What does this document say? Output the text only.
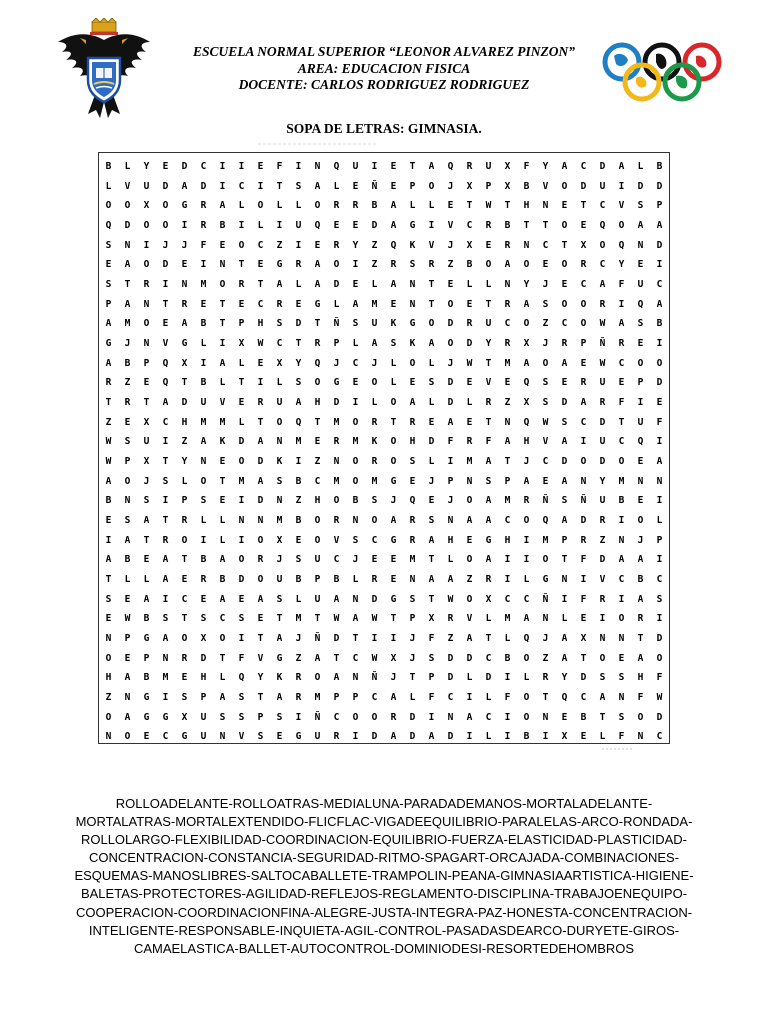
ESCUELA NORMAL SUPERIOR “LEONOR ALVAREZ PINZON”
AREA: EDUCACION FISICA
DOCENTE: CARLOS RODRIGUEZ RODRIGUEZ
SOPA DE LETRAS: GIMNASIA.
B	L	Y	E	D	C	I	I	E	F	I	N	Q	U	I	E	T	A	Q	R	U	X	F	Y	A	C	D	A	L	B
L	V	U	D	A	D	I	C	I	T	S	A	L	E	Ñ	E	P	O	J	X	P	X	B	V	O	D	U	I	D	D
O	O	X	O	G	R	A	L	O	L	L	O	R	R	B	A	L	L	E	T	W	T	H	N	E	T	C	V	S	P
Q	D	O	O	I	R	B	I	L	I	U	Q	E	E	D	A	G	I	V	C	R	B	T	T	O	E	Q	O	A	A
S	N	I	J	J	F	E	O	C	Z	I	E	R	Y	Z	Q	K	V	J	X	E	R	N	C	T	X	O	Q	N	D
E	A	O	D	E	I	N	T	E	G	R	A	O	I	Z	R	S	R	Z	B	O	A	O	E	O	R	C	Y	E	I
S	T	R	I	N	M	O	R	T	A	L	A	D	E	L	A	N	T	E	L	L	N	Y	J	E	C	A	F	U	C
P	A	N	T	R	E	T	E	C	R	E	G	L	A	M	E	N	T	O	E	T	R	A	S	O	O	R	I	Q	A
A	M	O	E	A	B	T	P	H	S	D	T	Ñ	S	U	K	G	O	D	R	U	C	O	Z	C	O	W	A	S	B
G	J	N	V	G	L	I	X	W	C	T	R	P	L	A	S	K	A	O	D	Y	R	X	J	R	P	Ñ	R	E	I
A	B	P	Q	X	I	A	L	E	X	Y	Q	J	C	J	L	O	L	J	W	T	M	A	O	A	E	W	C	O	O
R	Z	E	Q	T	B	L	T	I	L	S	O	G	E	O	L	E	S	D	E	V	E	Q	S	E	R	U	E	P	D
T	R	T	A	D	U	V	E	R	U	A	H	D	I	L	O	A	L	D	L	R	Z	X	S	D	A	R	F	I	E
Z	E	X	C	H	M	M	L	T	O	Q	T	M	O	R	T	R	E	A	E	T	N	Q	W	S	C	D	T	U	F
W	S	U	I	Z	A	K	D	A	N	M	E	R	M	K	O	H	D	F	R	F	A	H	V	A	I	U	C	Q	I
W	P	X	T	Y	N	E	O	D	K	I	Z	N	O	R	O	S	L	I	M	A	T	J	C	D	O	D	O	E	A
A	O	J	S	L	O	T	M	A	S	B	C	M	O	M	G	E	J	P	N	S	P	A	E	A	N	Y	M	N	N
B	N	S	I	P	S	E	I	D	N	Z	H	O	B	S	J	Q	E	J	O	A	M	R	Ñ	S	Ñ	U	B	E	I
E	S	A	T	R	L	L	N	N	M	B	O	R	N	O	A	R	S	N	A	A	C	O	Q	A	D	R	I	O	L
I	A	T	R	O	I	L	I	O	X	E	O	V	S	C	G	R	A	H	E	G	H	I	M	P	R	Z	N	J	P
A	B	E	A	T	B	A	O	R	J	S	U	C	J	E	E	M	T	L	O	A	I	I	O	T	F	D	A	A	I
T	L	L	A	E	R	B	D	O	U	B	P	B	L	R	E	N	A	A	Z	R	I	L	G	N	I	V	C	B	C
S	E	A	I	C	E	A	E	A	S	L	U	A	N	D	G	S	T	W	O	X	C	C	Ñ	I	F	R	I	A	S
E	W	B	S	T	S	C	S	E	T	M	T	W	A	W	T	P	X	R	V	L	M	A	N	L	E	I	O	R	I
N	P	G	A	O	X	O	I	T	A	J	Ñ	D	T	I	I	J	F	Z	A	T	L	Q	J	A	X	N	N	T	D
O	E	P	N	R	D	T	F	V	G	Z	A	T	C	W	X	J	S	D	D	C	B	O	Z	A	T	O	E	A	O
H	A	B	M	E	H	L	Q	Y	K	R	O	A	N	Ñ	J	T	P	D	L	D	I	L	R	Y	D	S	S	H	F
Z	N	G	I	S	P	A	S	T	A	R	M	P	P	C	A	L	F	C	I	L	F	O	T	Q	C	A	N	F	W
O	A	G	G	X	U	S	S	P	S	I	Ñ	C	O	O	R	D	I	N	A	C	I	O	N	E	B	T	S	O	D
N	O	E	C	G	U	N	V	S	E	G	U	R	I	D	A	D	A	D	I	L	I	B	I	X	E	L	F	N	C
ROLLOADELANTE-ROLLOATRAS-MEDIALUNA-PARADADEMANOS-MORTALADELANTE-
MORTALATRAS-MORTALEXTENDIDO-FLICFLAC-VIGADEEQUILIBRIO-PARALELAS-ARCO-RONDADA-
ROLLOLARGO-FLEXIBILIDAD-COORDINACION-EQUILIBRIO-FUERZA-ELASTICIDAD-PLASTICIDAD-
CONCENTRACION-CONSTANCIA-SEGURIDAD-RITMO-SPAGART-ORCAJADA-COMBINACIONES-
ESQUEMAS-MANOSLIBRES-SALTOCABALLETE-TRAMPOLIN-PEANA-GIMNASIAARTISTICA-HIGIENE-
BALETAS-PROTECTORES-AGILIDAD-REFLEJOS-REGLAMENTO-DISCIPLINA-TRABAJOENEQUIPO-
COOPERACION-COORDINACIONFINA-ALEGRE-JUSTA-INTEGRA-PAZ-HONESTA-CONCENTRACION-
INTELIGENTE-RESPONSABLE-INQUIETA-AGIL-CONTROL-PASADASDEARCO-DURYETE-GIROS-
CAMAELASTICA-BALLET-AUTOCONTROL-DOMINIODESI-RESORTEDEHOMBROS
